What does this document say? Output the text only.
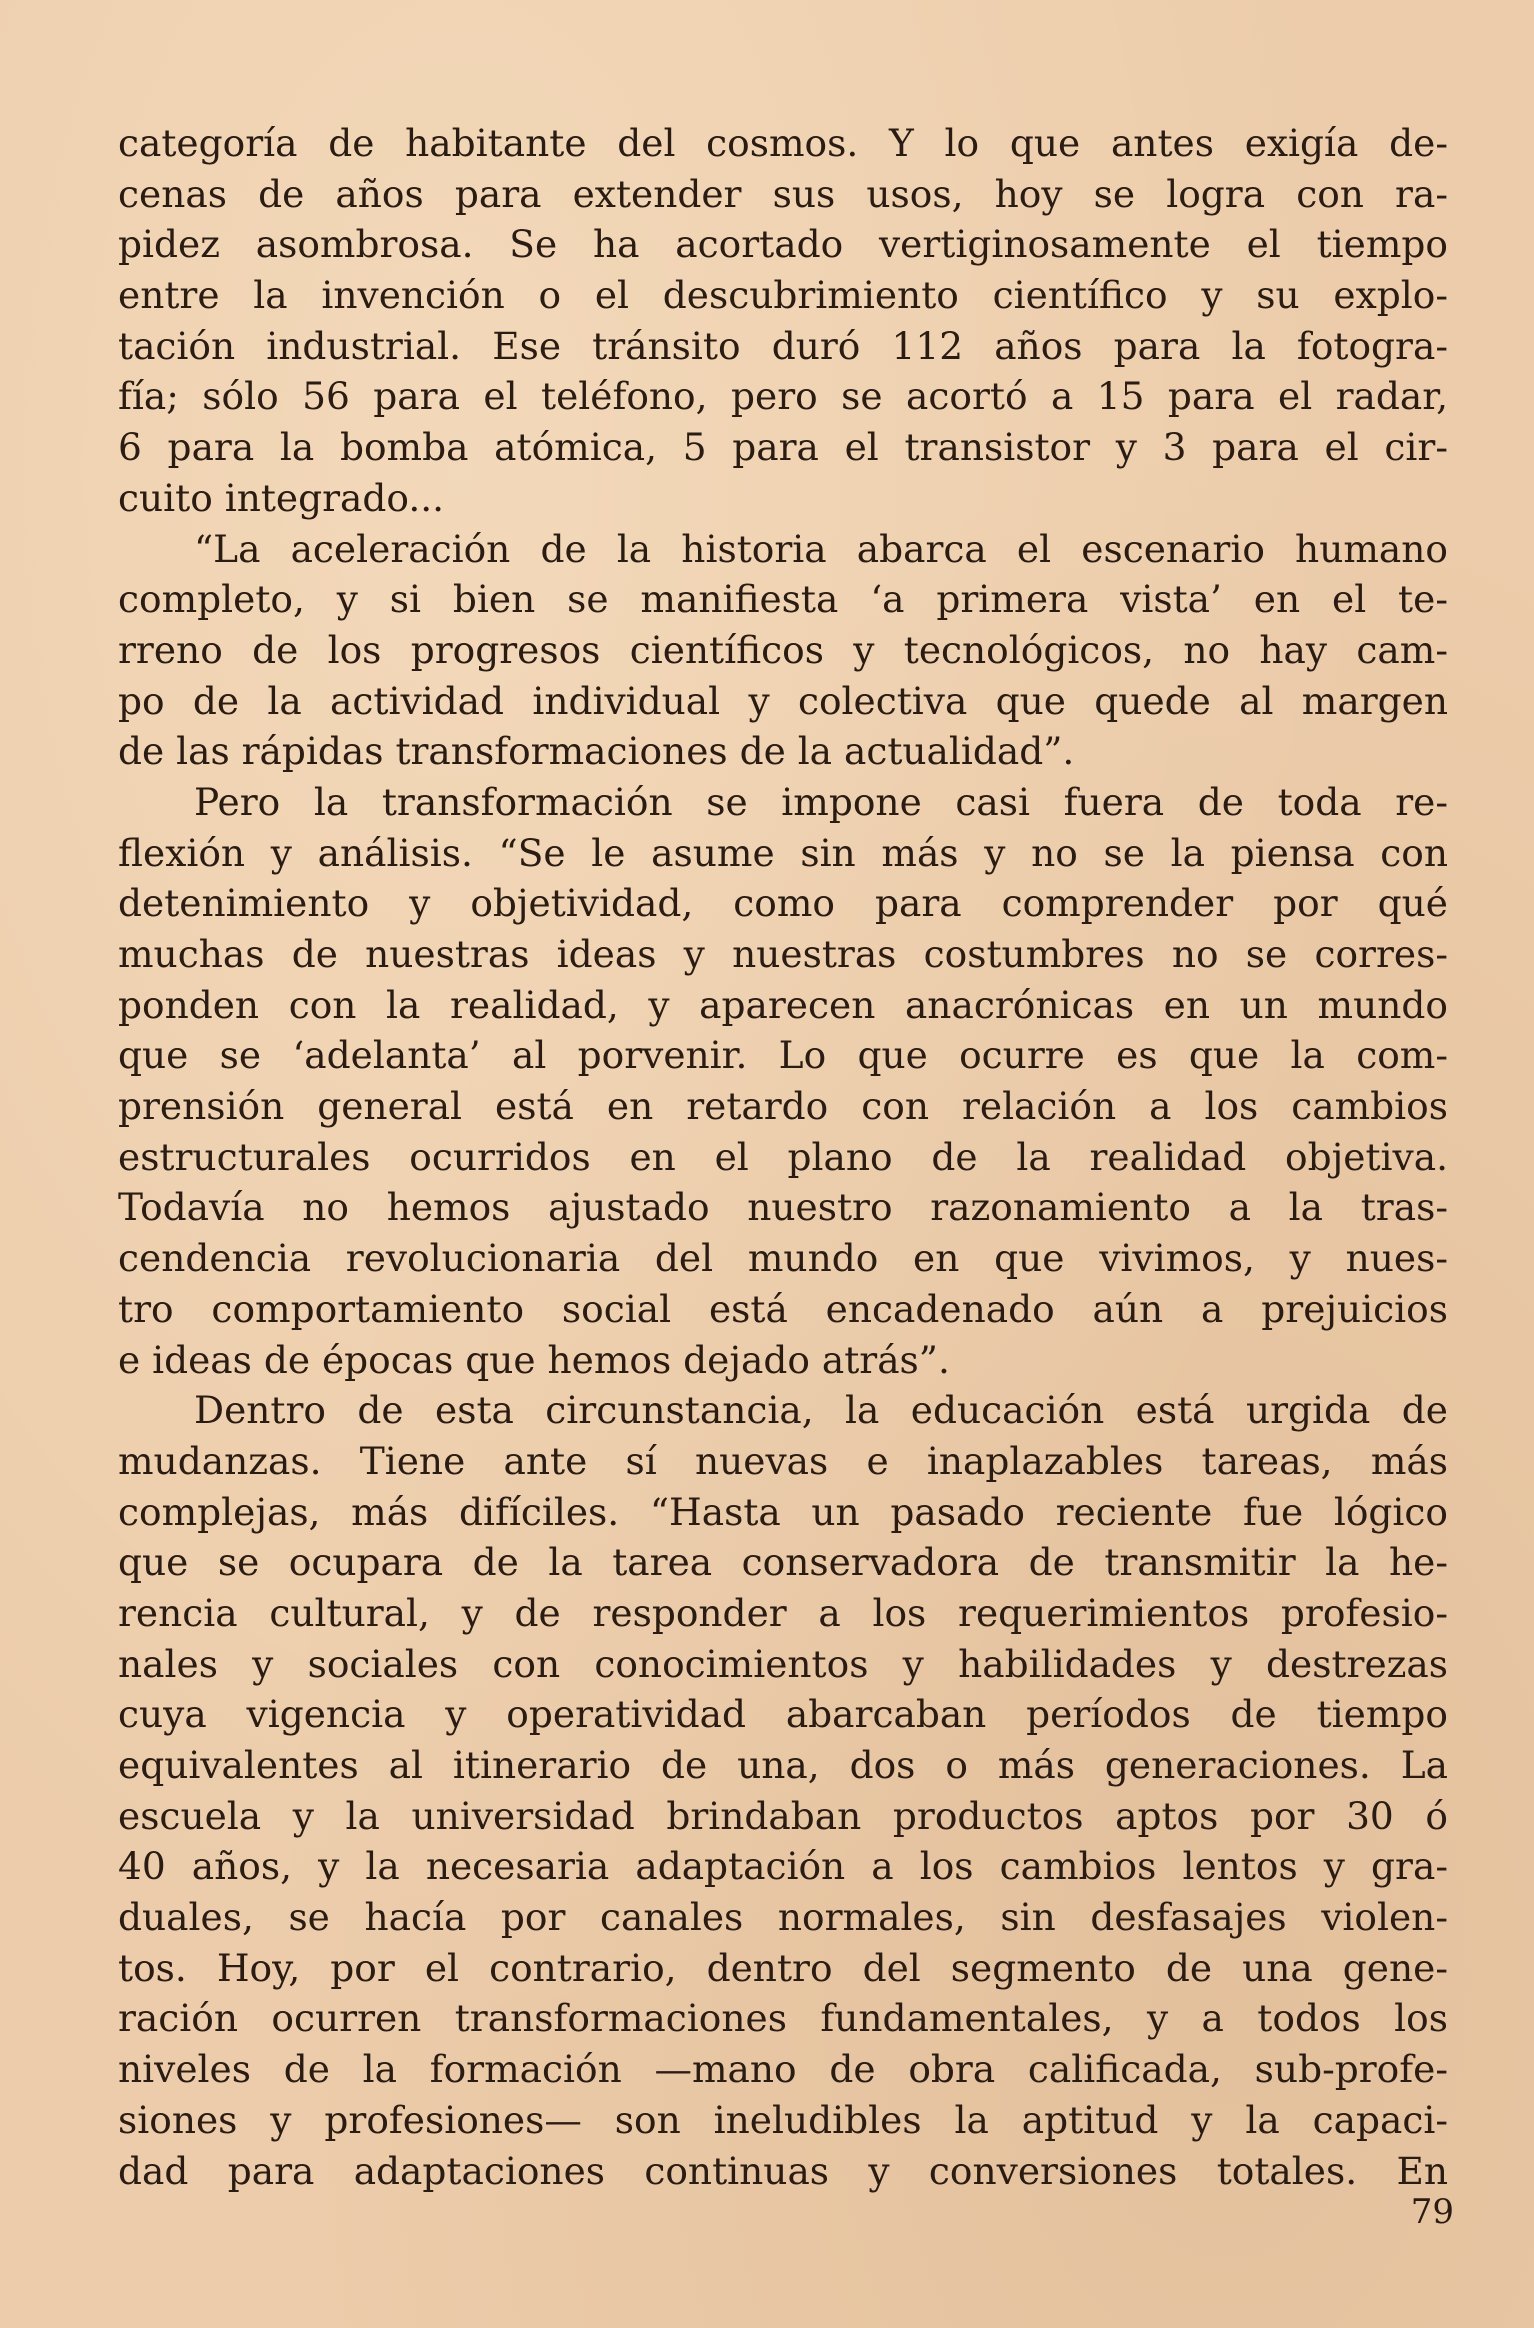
categoría de habitante del cosmos. Y lo que antes exigía de-
cenas de años para extender sus usos, hoy se logra con ra-
pidez asombrosa. Se ha acortado vertiginosamente el tiempo
entre la invención o el descubrimiento científico y su explo-
tación industrial. Ese tránsito duró 112 años para la fotogra-
fía; sólo 56 para el teléfono, pero se acortó a 15 para el radar,
6 para la bomba atómica, 5 para el transistor y 3 para el cir-
cuito integrado...
“La aceleración de la historia abarca el escenario humano
completo, y si bien se manifiesta ‘a primera vista’ en el te-
rreno de los progresos científicos y tecnológicos, no hay cam-
po de la actividad individual y colectiva que quede al margen
de las rápidas transformaciones de la actualidad”.
Pero la transformación se impone casi fuera de toda re-
flexión y análisis. “Se le asume sin más y no se la piensa con
detenimiento y objetividad, como para comprender por qué
muchas de nuestras ideas y nuestras costumbres no se corres-
ponden con la realidad, y aparecen anacrónicas en un mundo
que se ‘adelanta’ al porvenir. Lo que ocurre es que la com-
prensión general está en retardo con relación a los cambios
estructurales ocurridos en el plano de la realidad objetiva.
Todavía no hemos ajustado nuestro razonamiento a la tras-
cendencia revolucionaria del mundo en que vivimos, y nues-
tro comportamiento social está encadenado aún a prejuicios
e ideas de épocas que hemos dejado atrás”.
Dentro de esta circunstancia, la educación está urgida de
mudanzas. Tiene ante sí nuevas e inaplazables tareas, más
complejas, más difíciles. “Hasta un pasado reciente fue lógico
que se ocupara de la tarea conservadora de transmitir la he-
rencia cultural, y de responder a los requerimientos profesio-
nales y sociales con conocimientos y habilidades y destrezas
cuya vigencia y operatividad abarcaban períodos de tiempo
equivalentes al itinerario de una, dos o más generaciones. La
escuela y la universidad brindaban productos aptos por 30 ó
40 años, y la necesaria adaptación a los cambios lentos y gra-
duales, se hacía por canales normales, sin desfasajes violen-
tos. Hoy, por el contrario, dentro del segmento de una gene-
ración ocurren transformaciones fundamentales, y a todos los
niveles de la formación —mano de obra calificada, sub-profe-
siones y profesiones— son ineludibles la aptitud y la capaci-
dad para adaptaciones continuas y conversiones totales. En
79
